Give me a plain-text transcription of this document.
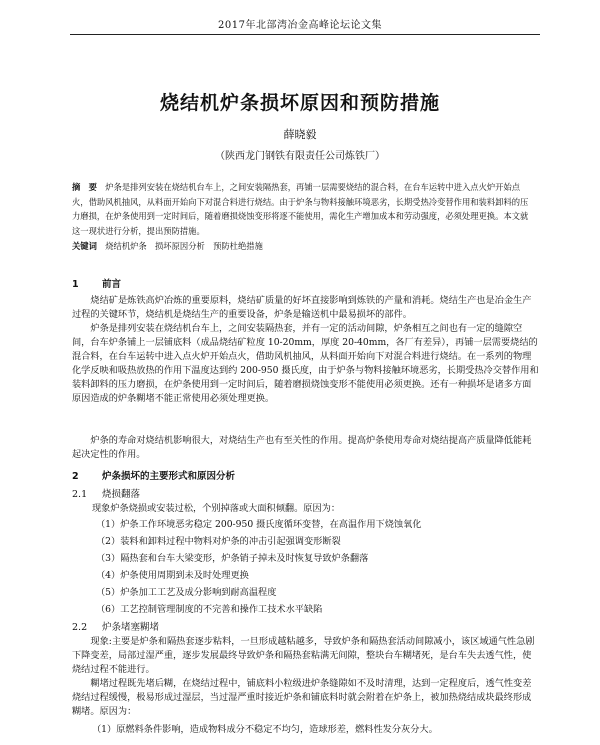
2017年北部湾冶金高峰论坛论文集
烧结机炉条损坏原因和预防措施
薛晓毅
（陕西龙门钢铁有限责任公司炼铁厂）
摘　要　 炉条是排列安装在烧结机台车上，之间安装隔热套，再铺一层需要烧结的混合料，在台车运转中进入点火炉开始点火，借助风机抽风，从料面开始向下对混合料进行烧结。由于炉条与物料接触环境恶劣，长期受热冷变替作用和装料卸料的压力磨损，在炉条使用到一定时间后，随着磨损烧蚀变形将逐不能使用，需化生产增加成本和劳动强度，必须处理更换。本文就这一现状进行分析，提出预防措施。
关键词　 烧结机炉条　损坏原因分析　预防杜绝措施
1 前言
烧结矿是炼铁高炉冶炼的重要原料，烧结矿质量的好坏直接影响到炼铁的产量和消耗。烧结生产也是冶金生产过程的关键环节，烧结机是烧结生产的重要设备，炉条是输送机中最易损坏的部件。
炉条是排列安装在烧结机台车上，之间安装隔热套，并有一定的活动间隙，炉条相互之间也有一定的缝隙空间，台车炉条铺上一层铺底料（成品烧结矿粒度 10-20mm，厚度 20-40mm，各厂有差异），再铺一层需要烧结的混合料，在台车运转中进入点火炉开始点火，借助风机抽风，从料面开始向下对混合料进行烧结。在一系列的物理化学反映和吸热放热的作用下温度达到约 200-950 摄氏度，由于炉条与物料接触环境恶劣，长期受热冷交替作用和装料卸料的压力磨损，在炉条使用到一定时间后，随着磨损烧蚀变形不能使用必须更换。还有一种损坏是诸多方面原因造成的炉条糊堵不能正常使用必须处理更换。
炉条的寿命对烧结机影响很大，对烧结生产也有至关性的作用。提高炉条使用寿命对烧结提高产质量降低能耗起决定性的作用。
2 炉条损坏的主要形式和原因分析
2.1 烧损翻落
现象炉条烧损或安装过松，个别掉落或大面积倾翻。原因为：
（1）炉条工作环境恶劣稳定 200-950 摄氏度循环变替，在高温作用下烧蚀氧化
（2）装料和卸料过程中物料对炉条的冲击引起强调变形断裂
（3）隔热套和台车大梁变形，炉条销子掉未及时恢复导致炉条翻落
（4）炉条使用周期到未及时处理更换
（5）炉条加工工艺及成分影响到耐高温程度
（6）工艺控制管理制度的不完善和操作工技术水平缺陷
2.2 炉条堵塞糊堵
现象:主要是炉条和隔热套逐步粘料，一旦形成越粘越多，导致炉条和隔热套活动间隙减小，该区域通气性急剧下降变差，局部过湿严重，逐步发展最终导致炉条和隔热套粘满无间隙，整块台车糊堵死，是台车失去透气性，使烧结过程不能进行。
糊堵过程既先堵后糊，在烧结过程中，铺底料小粒级进炉条缝隙如不及时清理，达到一定程度后，透气性变差烧结过程缓慢，极易形成过湿层，当过湿严重时接近炉条和铺底料时就会附着在炉条上，被加热烧结成块最终形成糊堵。原因为：
（1）原燃料条件影响，造成物料成分不稳定不均匀，造球形差，燃料性发分灰分大。
